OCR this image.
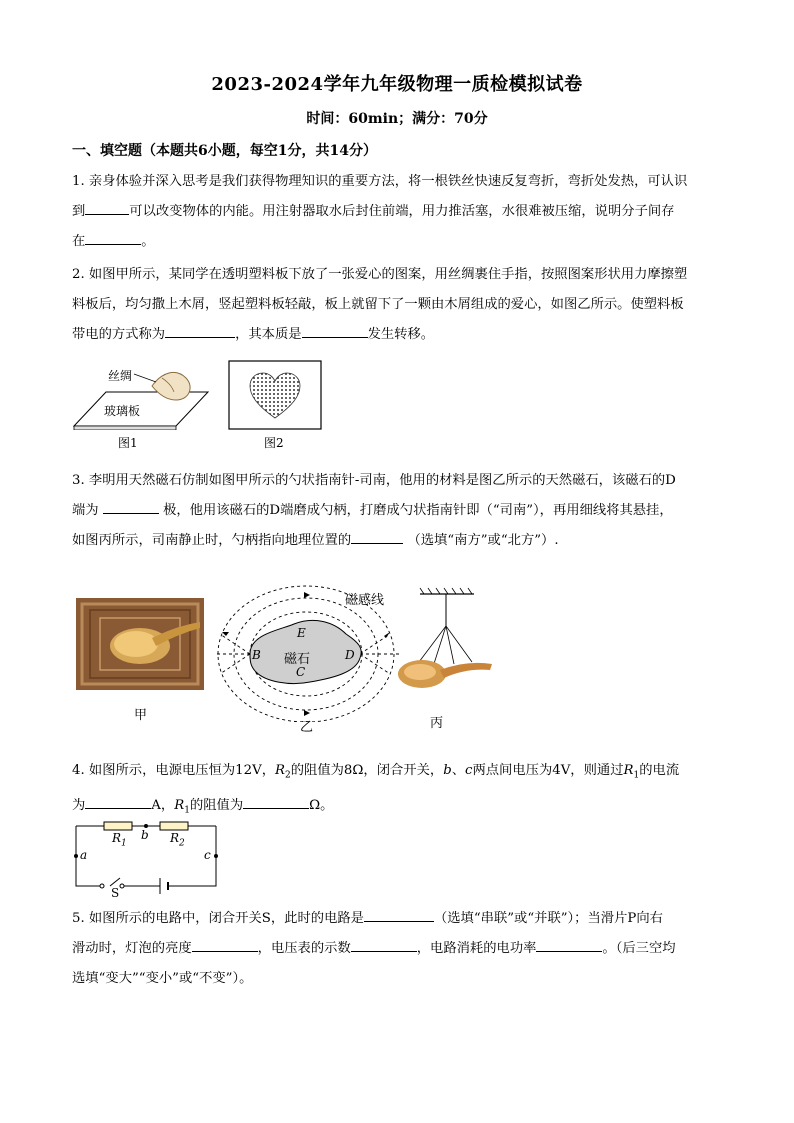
2023-2024学年九年级物理一质检模拟试卷
时间：60min；满分：70分
一、填空题（本题共6小题，每空1分，共14分）
1. 亲身体验并深入思考是我们获得物理知识的重要方法，将一根铁丝快速反复弯折，弯折处发热，可认识
到	可以改变物体的内能。用注射器取水后封住前端，用力推活塞，水很难被压缩，说明分子间存
在	。
2. 如图甲所示，某同学在透明塑料板下放了一张爱心的图案，用丝绸裹住手指，按照图案形状用力摩擦塑
料板后，均匀撒上木屑，竖起塑料板轻敲，板上就留下了一颗由木屑组成的爱心，如图乙所示。使塑料板
带电的方式称为	，其本质是	发生转移。
丝绸
玻璃板
图1	图2
3. 李明用天然磁石仿制如图甲所示的勺状指南针-司南，他用的材料是图乙所示的天然磁石，该磁石的D
端为	极，他用该磁石的D端磨成勺柄，打磨成勺状指南针即（“司南”），再用细线将其悬挂，
如图丙所示，司南静止时，勺柄指向地理位置的	（选填“南方”或“北方”）.
甲
磁感线
磁石
B
C
D
E
乙	丙
4. 如图所示，电源电压恒为12V，$R_2$的阻值为8Ω，闭合开关，b、c两点间电压为4V，则通过$R_1$的电流
为	A，$R_1$的阻值为	Ω。
$R_1$
b $R_2$
a	c
S
5. 如图所示的电路中，闭合开关S，此时的电路是	（选填“串联”或“并联”）；当滑片P向右
滑动时，灯泡的亮度	，电压表的示数	，电路消耗的电功率	。（后三空均
选填“变大”“变小”或“不变”）。
